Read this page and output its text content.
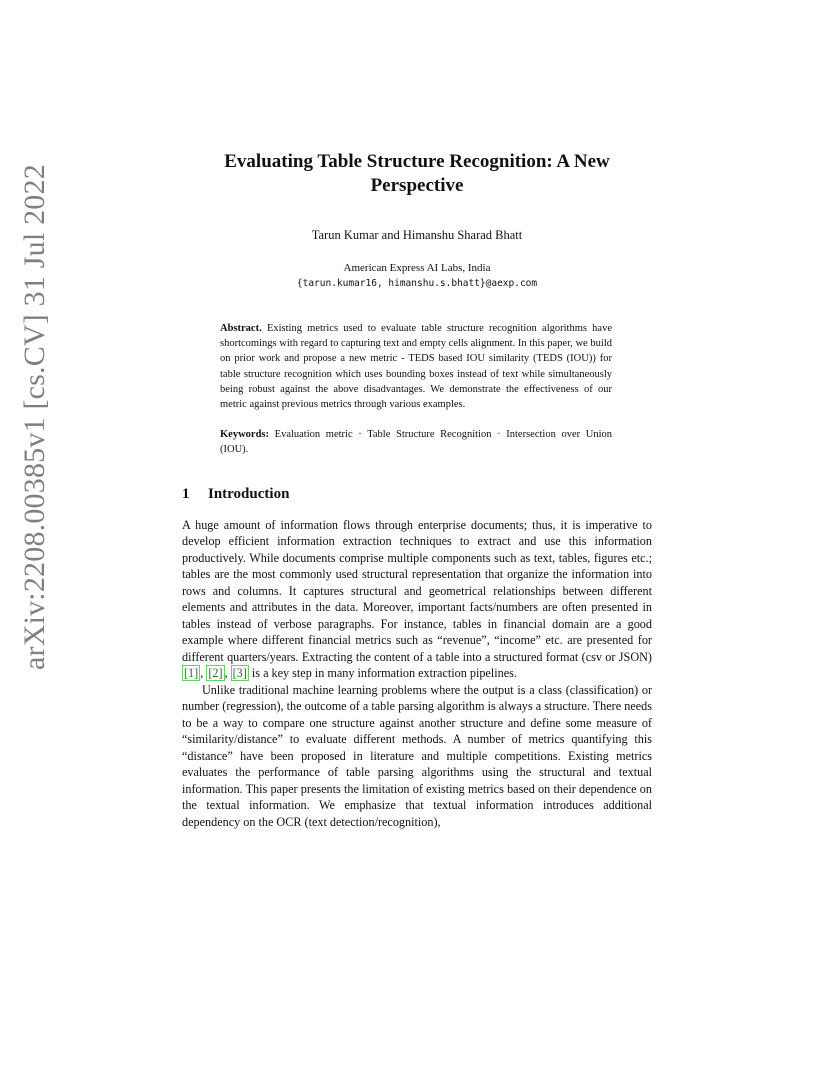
arXiv:2208.00385v1 [cs.CV] 31 Jul 2022
Evaluating Table Structure Recognition: A New Perspective
Tarun Kumar and Himanshu Sharad Bhatt
American Express AI Labs, India
{tarun.kumar16, himanshu.s.bhatt}@aexp.com
Abstract. Existing metrics used to evaluate table structure recognition algorithms have shortcomings with regard to capturing text and empty cells alignment. In this paper, we build on prior work and propose a new metric - TEDS based IOU similarity (TEDS (IOU)) for table structure recognition which uses bounding boxes instead of text while simultaneously being robust against the above disadvantages. We demonstrate the effectiveness of our metric against previous metrics through various examples.
Keywords: Evaluation metric · Table Structure Recognition · Intersection over Union (IOU).
1	Introduction

A huge amount of information flows through enterprise documents; thus, it is imperative to develop efficient information extraction techniques to extract and use this information productively. While documents comprise multiple components such as text, tables, figures etc.; tables are the most commonly used structural representation that organize the information into rows and columns. It captures structural and geometrical relationships between different elements and attributes in the data. Moreover, important facts/numbers are often presented in tables instead of verbose paragraphs. For instance, tables in financial domain are a good example where different financial metrics such as “revenue”, “income” etc. are presented for different quarters/years. Extracting the content of a table into a structured format (csv or JSON) [1] , [2] , [3] is a key step in many information extraction pipelines.

Unlike traditional machine learning problems where the output is a class (classification) or number (regression), the outcome of a table parsing algorithm is always a structure. There needs to be a way to compare one structure against another structure and define some measure of “similarity/distance” to evaluate different methods. A number of metrics quantifying this “distance” have been proposed in literature and multiple competitions. Existing metrics evaluates the performance of table parsing algorithms using the structural and textual information. This paper presents the limitation of existing metrics based on their dependence on the textual information. We emphasize that textual information introduces additional dependency on the OCR (text detection/recognition),
